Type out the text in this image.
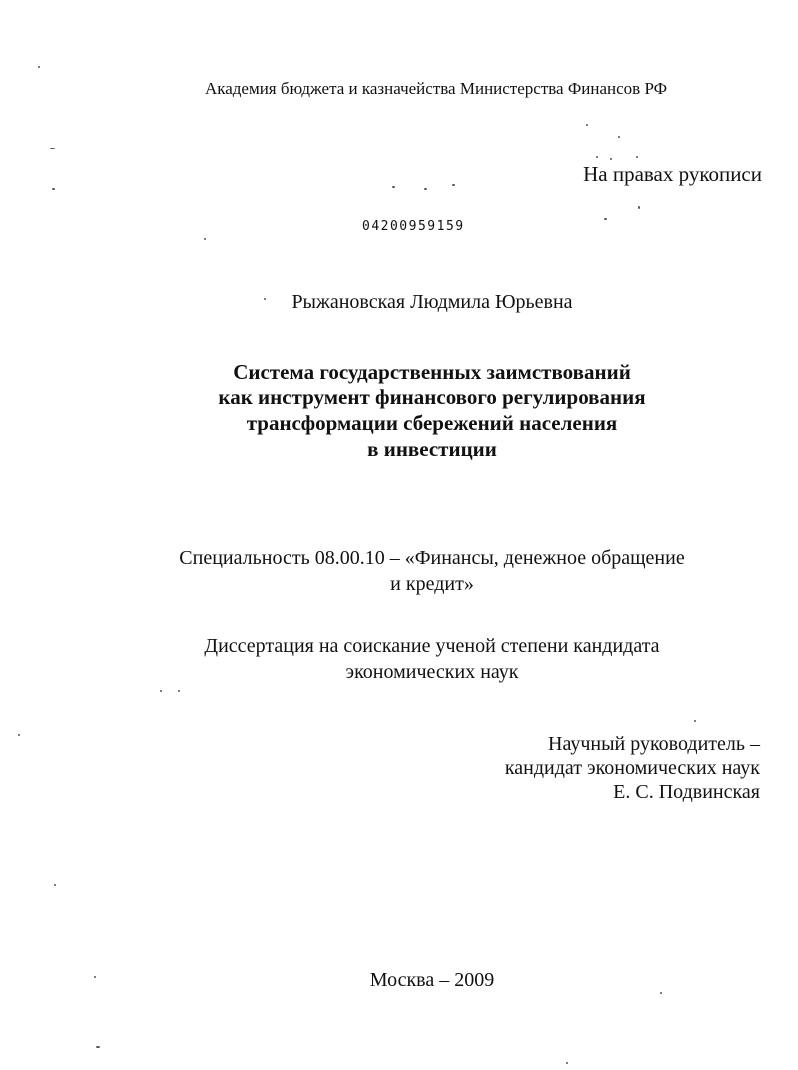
Академия бюджета и казначейства Министерства Финансов РФ
На правах рукописи
04200959159
Рыжановская Людмила Юрьевна
Система государственных заимствований
как инструмент финансового регулирования
трансформации сбережений населения
в инвестиции
Специальность 08.00.10 – «Финансы, денежное обращение
и кредит»
Диссертация на соискание ученой степени кандидата
экономических наук
Научный руководитель –
кандидат экономических наук
Е. С. Подвинская
Москва – 2009
